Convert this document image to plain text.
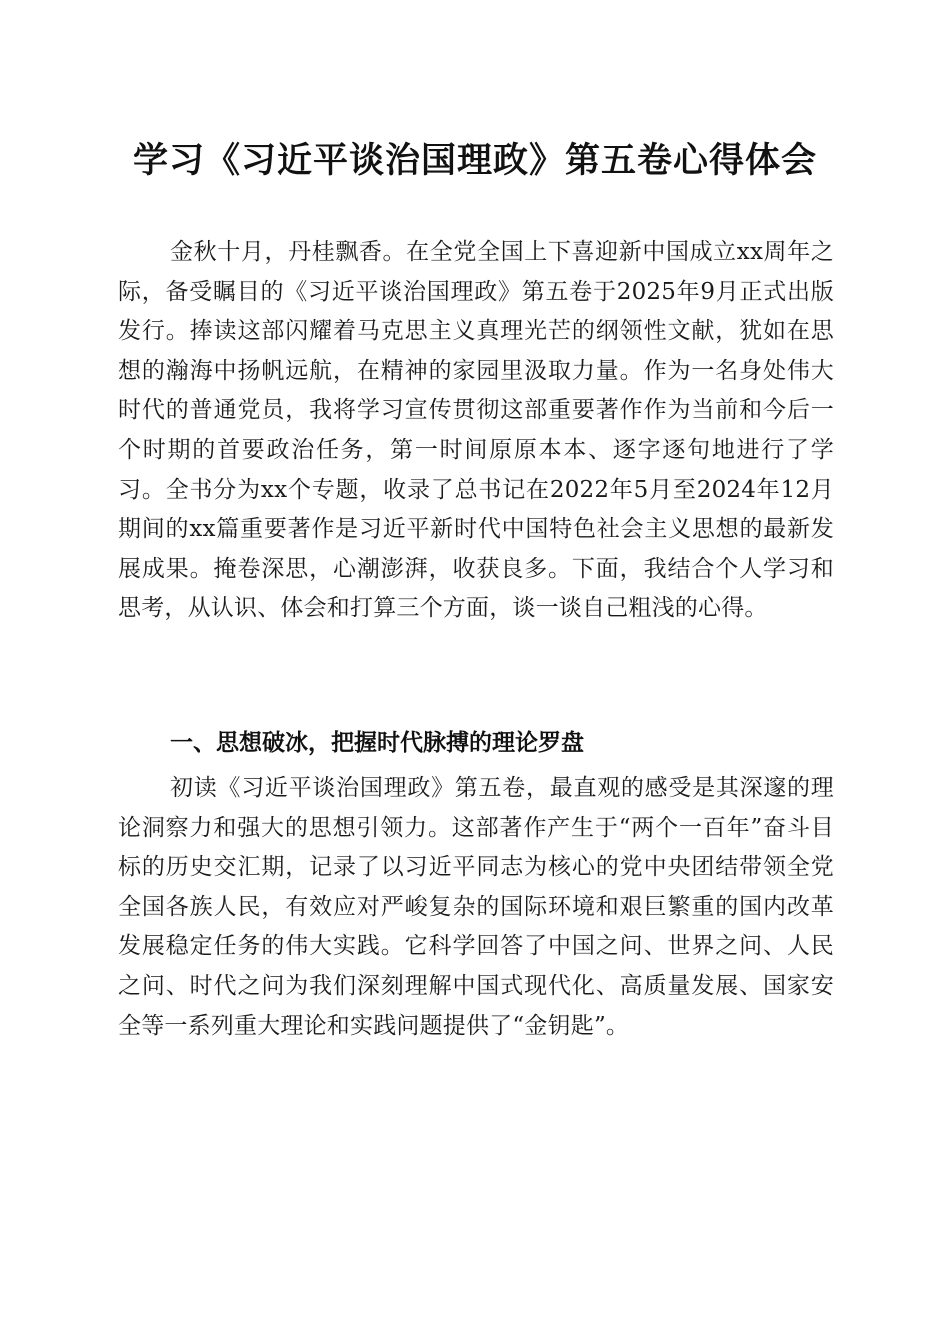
学习《习近平谈治国理政》第五卷心得体会

金秋十月，丹桂飘香。在全党全国上下喜迎新中国成立xx周年之际，备受瞩目的《习近平谈治国理政》第五卷于2025年9月正式出版发行。捧读这部闪耀着马克思主义真理光芒的纲领性文献，犹如在思想的瀚海中扬帆远航，在精神的家园里汲取力量。作为一名身处伟大时代的普通党员，我将学习宣传贯彻这部重要著作作为当前和今后一个时期的首要政治任务，第一时间原原本本、逐字逐句地进行了学习。全书分为xx个专题，收录了总书记在2022年5月至2024年12月期间的xx篇重要著作是习近平新时代中国特色社会主义思想的最新发展成果。掩卷深思，心潮澎湃，收获良多。下面，我结合个人学习和思考，从认识、体会和打算三个方面，谈一谈自己粗浅的心得。

一、思想破冰，把握时代脉搏的理论罗盘

初读《习近平谈治国理政》第五卷，最直观的感受是其深邃的理论洞察力和强大的思想引领力。这部著作产生于“两个一百年”奋斗目标的历史交汇期，记录了以习近平同志为核心的党中央团结带领全党全国各族人民，有效应对严峻复杂的国际环境和艰巨繁重的国内改革发展稳定任务的伟大实践。它科学回答了中国之问、世界之问、人民之问、时代之问为我们深刻理解中国式现代化、高质量发展、国家安全等一系列重大理论和实践问题提供了“金钥匙”。
